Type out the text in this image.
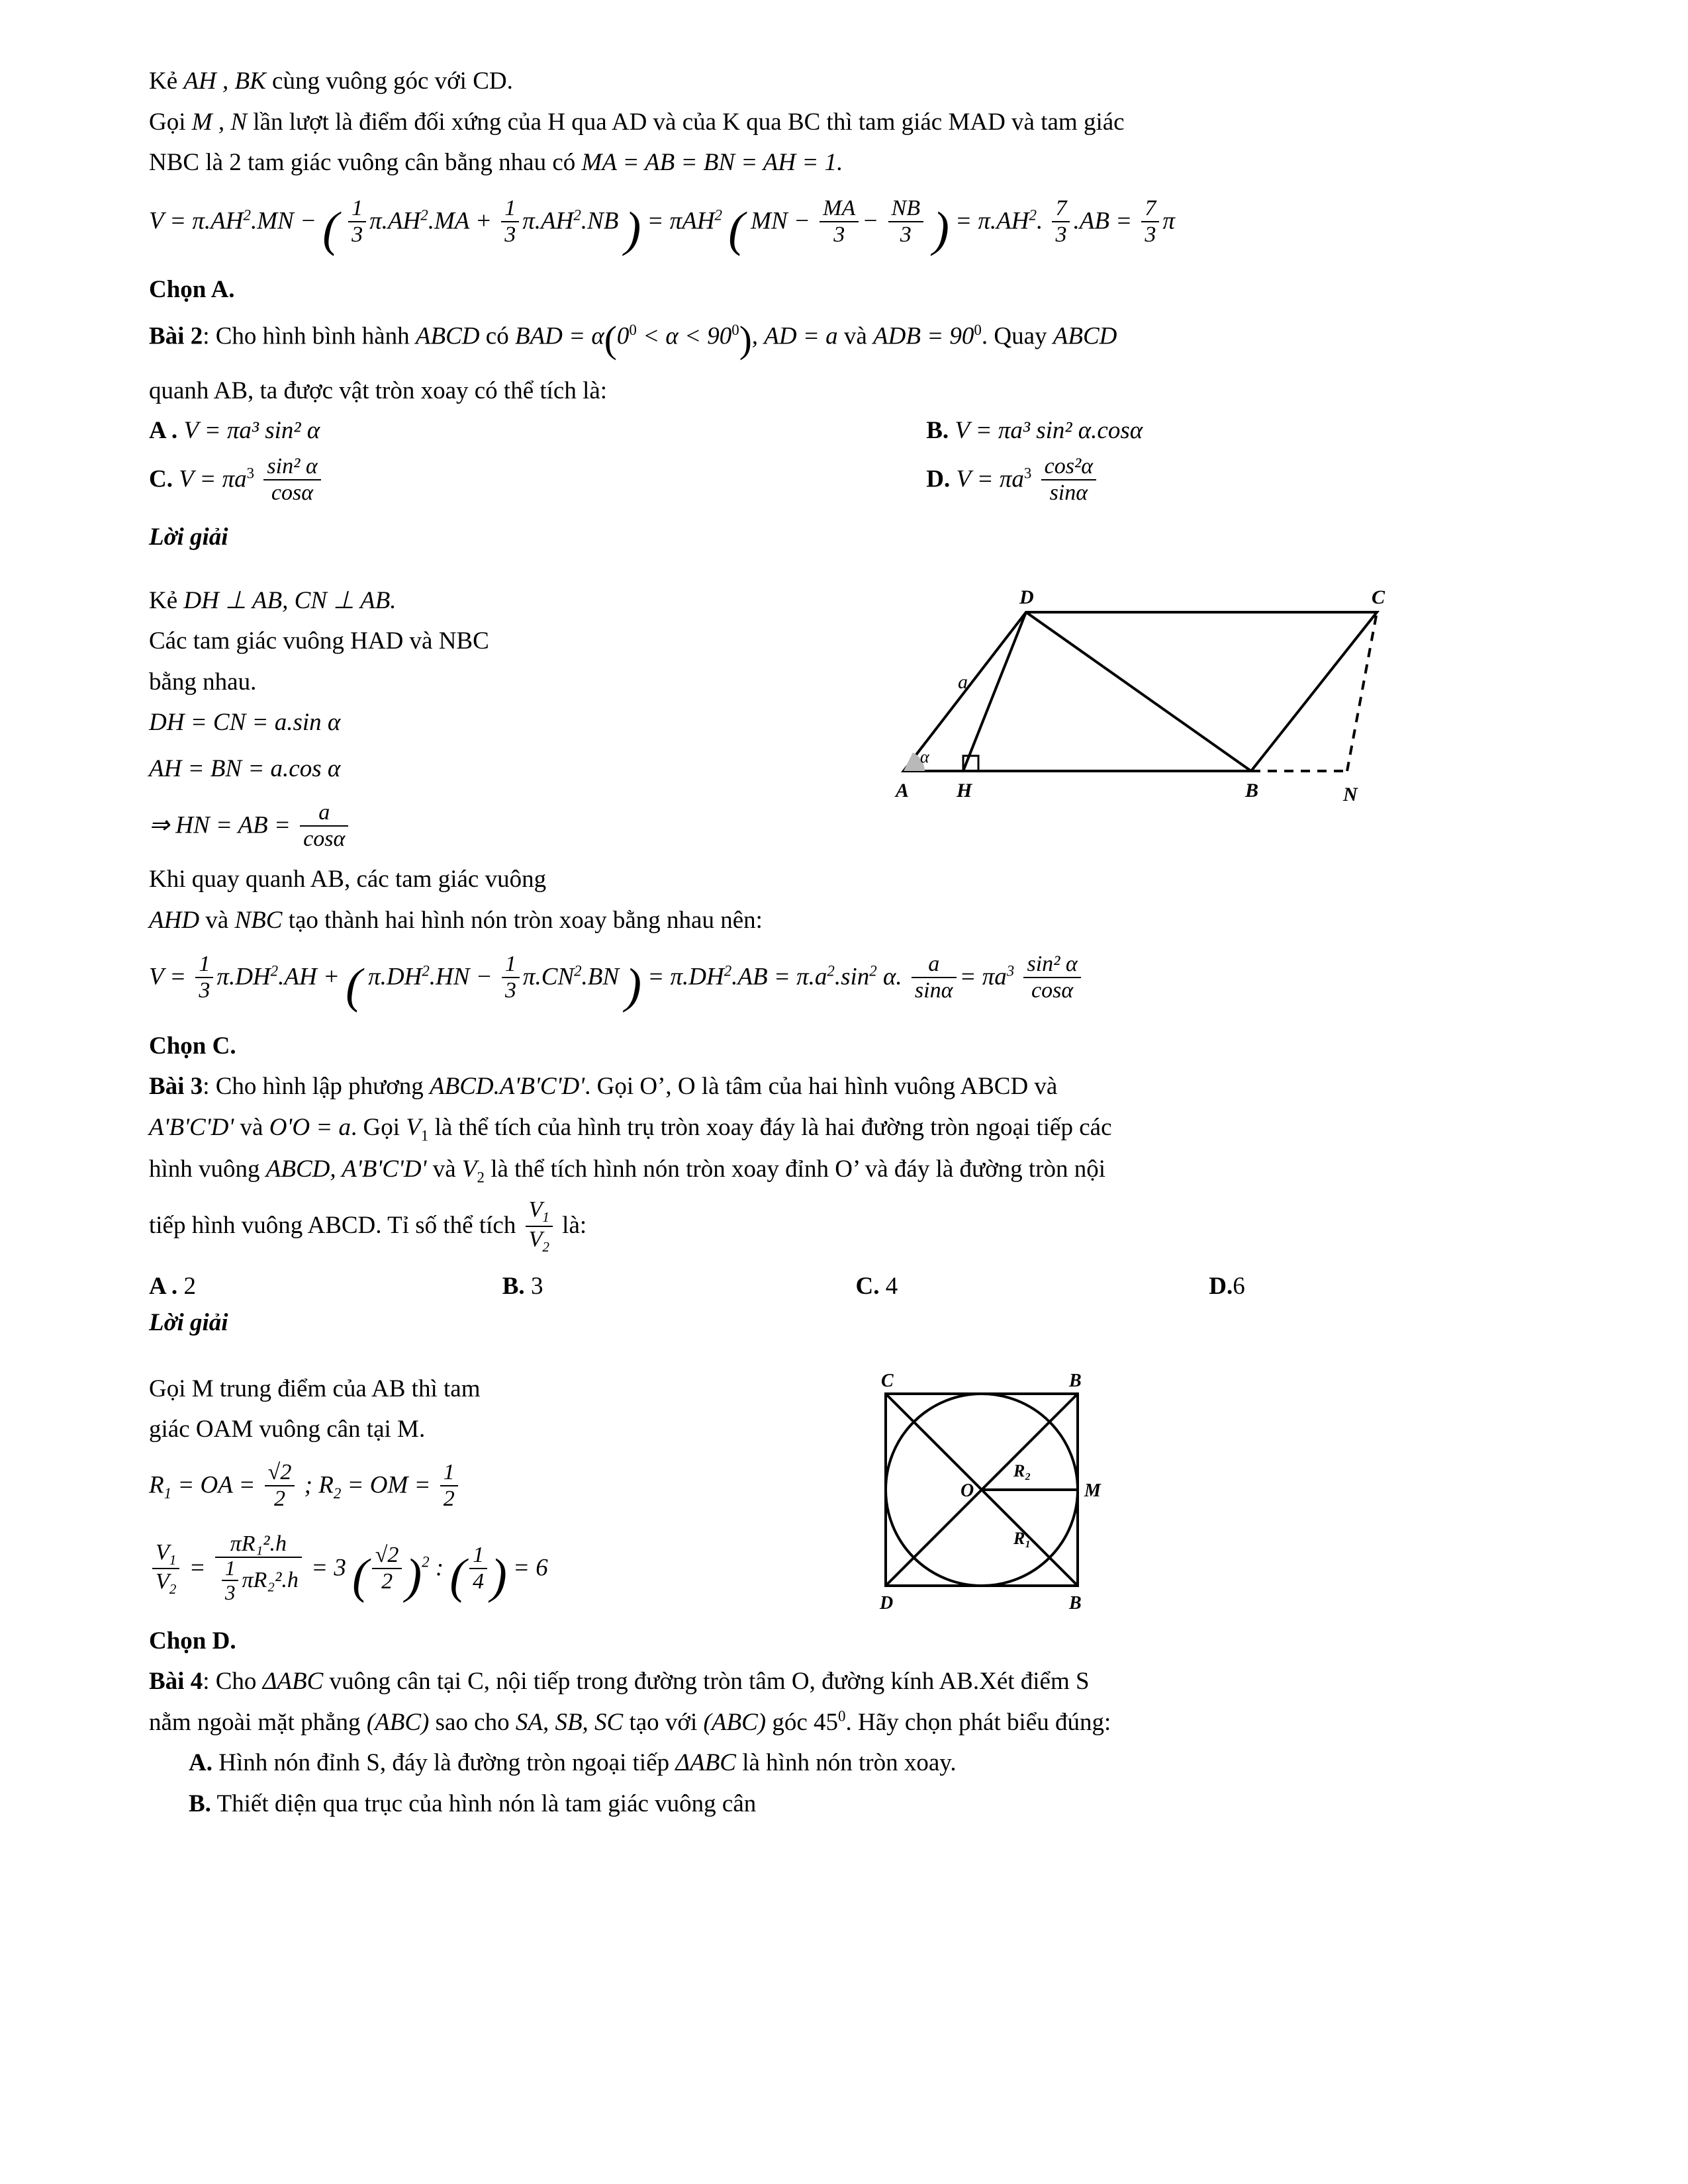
Kẻ AH , BK cùng vuông góc với CD.

Gọi M , N lần lượt là điểm đối xứng của H qua AD và của K qua BC thì tam giác MAD và tam giác

NBC là 2 tam giác vuông cân bằng nhau có MA = AB = BN = AH = 1.

$V = \pi.AH^2.MN$ − ( $\frac{1}{3} \pi.AH^2.MA + \frac{1}{3} \pi.AH^2.NB$ ) = πAH$^2$ ( MN − $\frac{MA}{3} - \frac{NB}{3}$ ) = $\pi.AH^2$. $\frac{7}{3} .AB = \frac{7}{3}$ π

Chọn A.

Bài 2: Cho hình bình hành ABCD có BAD = $\alpha(0^0 < \alpha < 90^0)$, AD = a và ADB = $90^0$. Quay ABCD

quanh AB, ta được vật tròn xoay có thể tích là:

A . V = πa³ sin² α	B. V = πa³ sin² α.cosα
C. $V = \pi a^3 \frac{\text{sin² α}}{\cos\alpha}$	D. $V = \pi a^3 \frac{\text{cos²α}}{\sin\alpha}$

Lời giải

Kẻ DH ⊥ AB, CN ⊥ AB.

Các tam giác vuông HAD và NBC

bằng nhau.

DH = CN = a.sin α

AH = BN = a.cos α

⇒ HN = AB = $\frac{a}{\cos\alpha}$

D	C
A H	B	N
a
α

Khi quay quanh AB, các tam giác vuông

AHD và NBC tạo thành hai hình nón tròn xoay bằng nhau nên:

$V = \frac{1}{3} \pi.DH^2.AH$ + ( $\pi.DH^2.HN - \frac{1}{3} \pi.CN^2.BN$ ) = $\pi.DH^2.AB = \pi.a^2.\sin^2$ α. $\frac{a}{\sin\alpha} = \pi a^3 \frac{\text{sin² α}}{\cos\alpha}$

Chọn C.

Bài 3: Cho hình lập phương ABCD.A'B'C'D'. Gọi O’, O là tâm của hai hình vuông ABCD và

A'B'C'D' và O'O = a. Gọi $V_1$ là thể tích của hình trụ tròn xoay đáy là hai đường tròn ngoại tiếp các

hình vuông ABCD, A'B'C'D' và $V_2$ là thể tích hình nón tròn xoay đỉnh O’ và đáy là đường tròn nội

tiếp hình vuông ABCD. Tỉ số thể tích $\frac{V_1}{V_2}$ là:

A . 2	B. 3	C. 4	D.6

Lời giải

Gọi M trung điểm của AB thì tam

giác OAM vuông cân tại M.

$R_1$ = OA = $\frac{√2}{2}$ ; $R_2$ = OM = $\frac{1}{2}$

$\frac{V_1}{V_2} = \frac{\text{πR₁².h}}{\frac{1}{3} \pi R_2^2.h} = 3$ ( $\frac{√2}{2} )^2$ : ( $\frac{1}{4}$ ) = 6

C	B
D	B
O	M
R₂
R₁

Chọn D.

Bài 4: Cho ΔABC vuông cân tại C, nội tiếp trong đường tròn tâm O, đường kính AB.Xét điểm S

nằm ngoài mặt phẳng (ABC) sao cho SA, SB, SC tạo với (ABC) góc $45^0$. Hãy chọn phát biểu đúng:

A. Hình nón đỉnh S, đáy là đường tròn ngoại tiếp ΔABC là hình nón tròn xoay.

B. Thiết diện qua trục của hình nón là tam giác vuông cân
